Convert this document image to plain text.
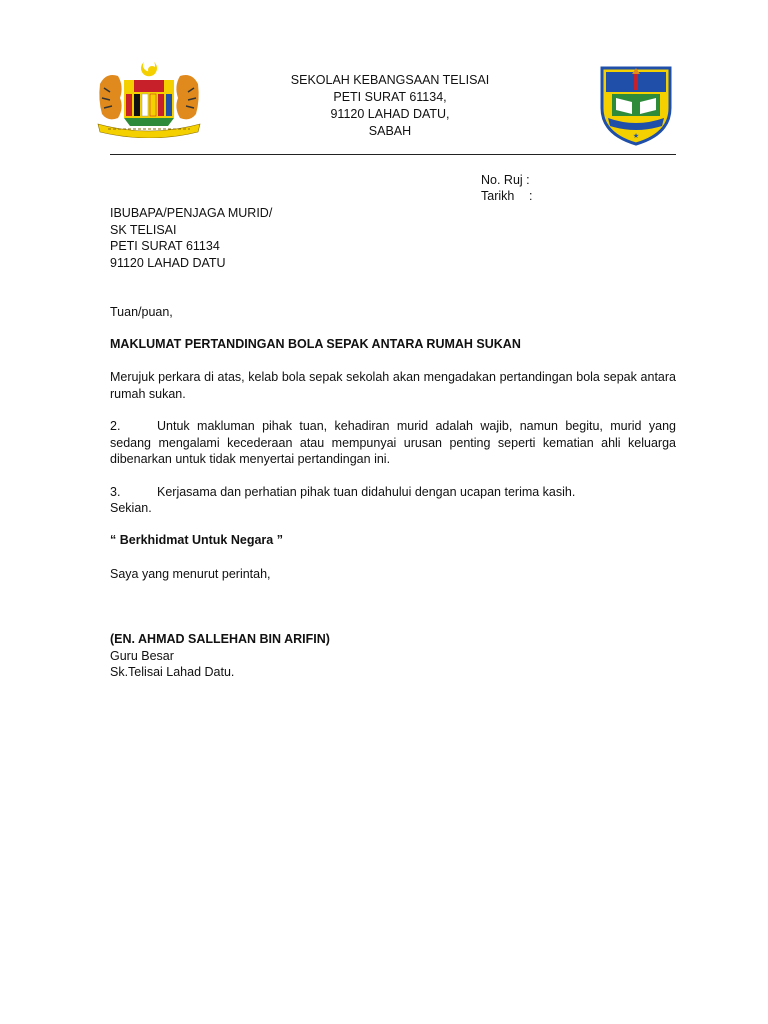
SEKOLAH KEBANGSAAN TELISAI
PETI SURAT 61134,
91120 LAHAD DATU,
SABAH	★
No. Ruj :
Tarikh	:
IBUBAPA/PENJAGA MURID/
SK TELISAI
PETI SURAT 61134
91120 LAHAD DATU
Tuan/puan,
MAKLUMAT PERTANDINGAN BOLA SEPAK ANTARA RUMAH SUKAN
Merujuk perkara di atas, kelab bola sepak sekolah akan mengadakan pertandingan bola sepak antara rumah sukan.
2.	Untuk makluman pihak tuan, kehadiran murid adalah wajib, namun begitu, murid yang sedang mengalami kecederaan atau mempunyai urusan penting seperti kematian ahli keluarga dibenarkan untuk tidak menyertai pertandingan ini.
3.	Kerjasama dan perhatian pihak tuan didahului dengan ucapan terima kasih.
Sekian.
“ Berkhidmat Untuk Negara ”
Saya yang menurut perintah,
(EN. AHMAD SALLEHAN BIN ARIFIN)
Guru Besar
Sk.Telisai Lahad Datu.
